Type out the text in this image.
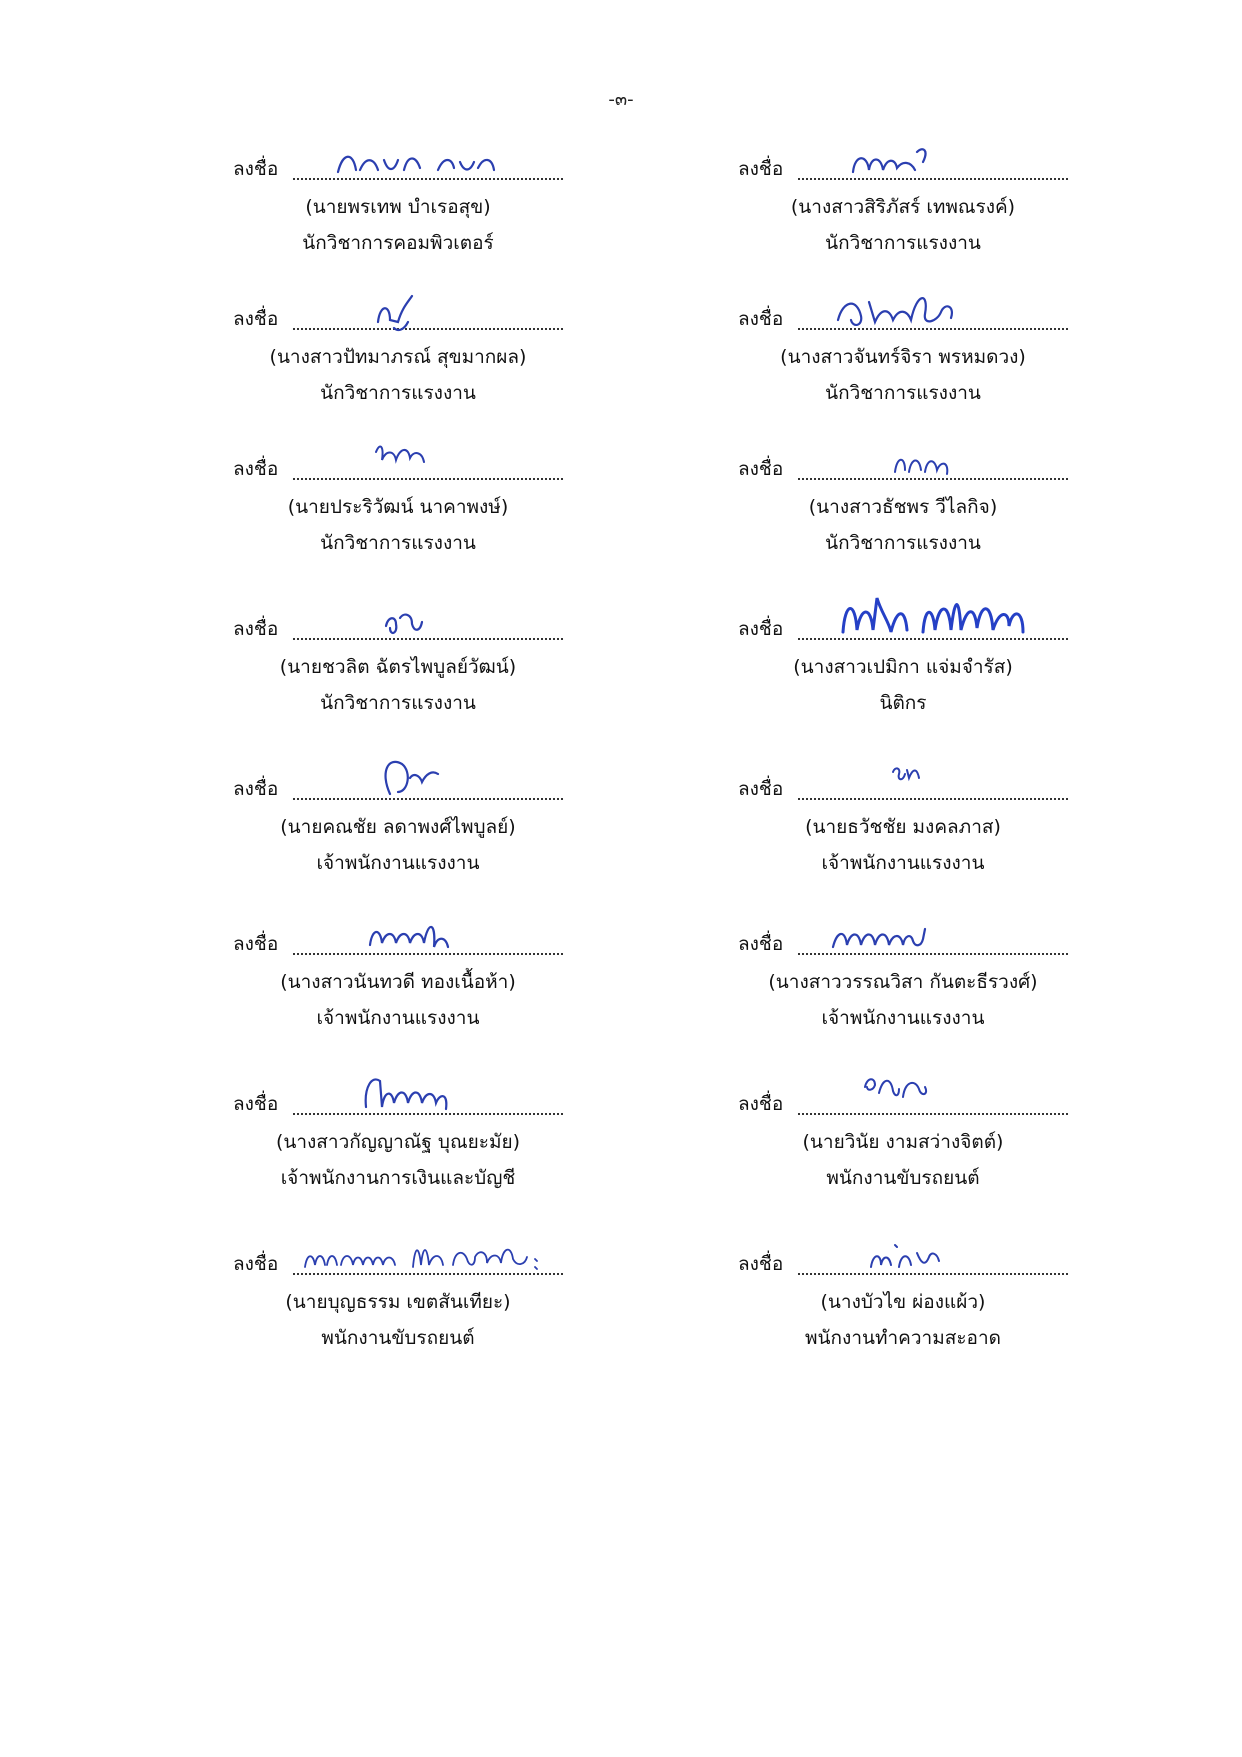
-๓-
ลงชื่อ
(นายพรเทพ บำเรอสุข)
นักวิชาการคอมพิวเตอร์
ลงชื่อ
(นางสาวสิริภัสร์ เทพณรงค์)
นักวิชาการแรงงาน
ลงชื่อ
(นางสาวปัทมาภรณ์ สุขมากผล)
นักวิชาการแรงงาน
ลงชื่อ
(นางสาวจันทร์จิรา พรหมดวง)
นักวิชาการแรงงาน
ลงชื่อ
(นายประริวัฒน์ นาคาพงษ์)
นักวิชาการแรงงาน
ลงชื่อ
(นางสาวธัชพร วีไลกิจ)
นักวิชาการแรงงาน
ลงชื่อ
(นายชวลิต ฉัตรไพบูลย์วัฒน์)
นักวิชาการแรงงาน
ลงชื่อ
(นางสาวเปมิกา แจ่มจำรัส)
นิติกร
ลงชื่อ
(นายคณชัย ลดาพงศ์ไพบูลย์)
เจ้าพนักงานแรงงาน
ลงชื่อ
(นายธวัชชัย มงคลภาส)
เจ้าพนักงานแรงงาน
ลงชื่อ
(นางสาวนันทวดี ทองเนื้อห้า)
เจ้าพนักงานแรงงาน
ลงชื่อ
(นางสาววรรณวิสา กันตะธีรวงศ์)
เจ้าพนักงานแรงงาน
ลงชื่อ
(นางสาวกัญญาณัฐ บุณยะมัย)
เจ้าพนักงานการเงินและบัญชี
ลงชื่อ
(นายวินัย งามสว่างจิตต์)
พนักงานขับรถยนต์
ลงชื่อ
(นายบุญธรรม เขตสันเทียะ)
พนักงานขับรถยนต์
ลงชื่อ
(นางบัวไข ผ่องแผ้ว)
พนักงานทำความสะอาด
